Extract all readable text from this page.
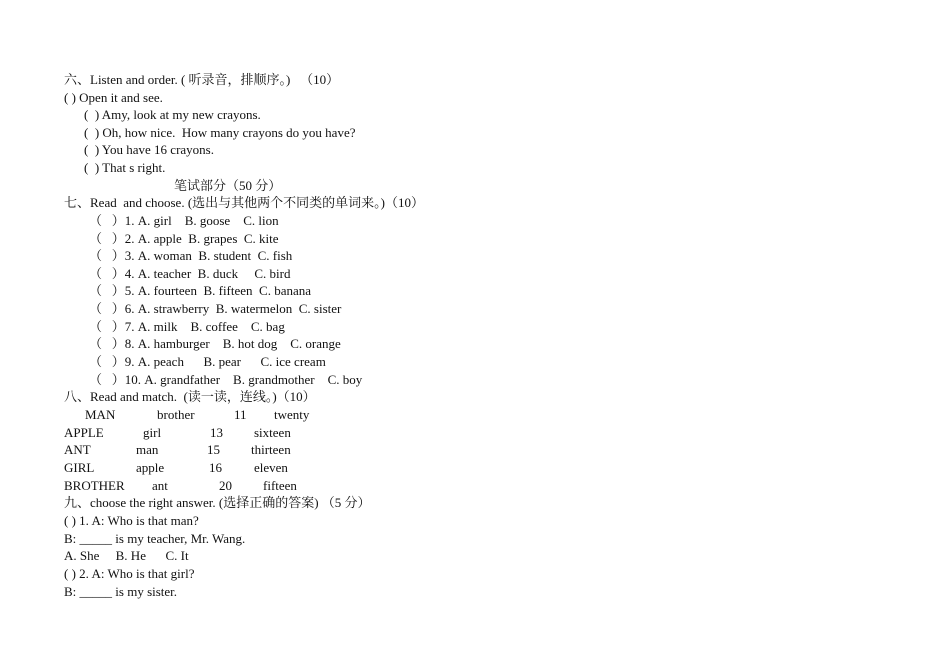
六、Listen and order. ( 听录音，排顺序。)   （10）
( ) Open it and see.
(  ) Amy, look at my new crayons.
(  ) Oh, how nice.  How many crayons do you have?
(  ) You have 16 crayons.
(  ) That s right.
笔试部分（50 分）
七、Read  and choose. (选出与其他两个不同类的单词来。)（10）
（   ）1. A. girl    B. goose    C. lion
（   ）2. A. apple  B. grapes  C. kite
（   ）3. A. woman  B. student  C. fish
（   ）4. A. teacher  B. duck     C. bird
（   ）5. A. fourteen  B. fifteen  C. banana
（   ）6. A. strawberry  B. watermelon  C. sister
（   ）7. A. milk    B. coffee    C. bag
（   ）8. A. hamburger    B. hot dog    C. orange
（   ）9. A. peach      B. pear      C. ice cream
（   ）10. A. grandfather    B. grandmother    C. boy
八、Read and match.  (读一读，连线。)（10）
MAN	brother	11 twenty
APPLE	girl	13 sixteen
ANT	man	15 thirteen
GIRL	apple	16 eleven
BROTHER ant	20 fifteen
九、choose the right answer. (选择正确的答案) （5 分）
( ) 1. A: Who is that man?
B: _____ is my teacher, Mr. Wang.
A. She     B. He      C. It
( ) 2. A: Who is that girl?
B: _____ is my sister.
